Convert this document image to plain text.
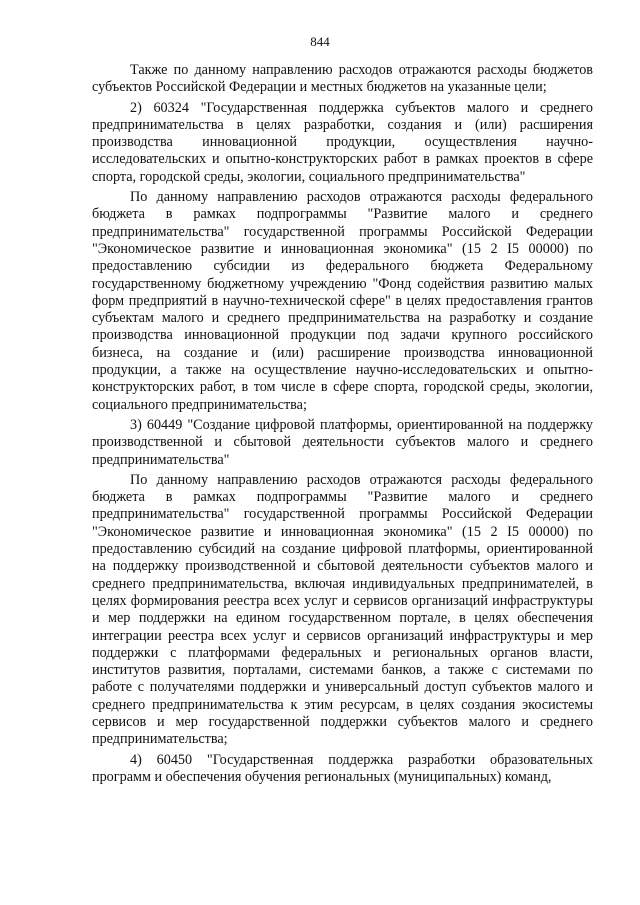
844

Также по данному направлению расходов отражаются расходы бюджетов субъектов Российской Федерации и местных бюджетов на указанные цели;

2) 60324 "Государственная поддержка субъектов малого и среднего предпринимательства в целях разработки, создания и (или) расширения производства инновационной продукции, осуществления научно-исследовательских и опытно-конструкторских работ в рамках проектов в сфере спорта, городской среды, экологии, социального предпринимательства"

По данному направлению расходов отражаются расходы федерального бюджета в рамках подпрограммы "Развитие малого и среднего предпринимательства" государственной программы Российской Федерации "Экономическое развитие и инновационная экономика" (15 2 I5 00000) по предоставлению субсидии из федерального бюджета Федеральному государственному бюджетному учреждению "Фонд содействия развитию малых форм предприятий в научно-технической сфере" в целях предоставления грантов субъектам малого и среднего предпринимательства на разработку и создание производства инновационной продукции под задачи крупного российского бизнеса, на создание и (или) расширение производства инновационной продукции, а также на осуществление научно-исследовательских и опытно-конструкторских работ, в том числе в сфере спорта, городской среды, экологии, социального предпринимательства;

3) 60449 "Создание цифровой платформы, ориентированной на поддержку производственной и сбытовой деятельности субъектов малого и среднего предпринимательства"

По данному направлению расходов отражаются расходы федерального бюджета в рамках подпрограммы "Развитие малого и среднего предпринимательства" государственной программы Российской Федерации "Экономическое развитие и инновационная экономика" (15 2 I5 00000) по предоставлению субсидий на создание цифровой платформы, ориентированной на поддержку производственной и сбытовой деятельности субъектов малого и среднего предпринимательства, включая индивидуальных предпринимателей, в целях формирования реестра всех услуг и сервисов организаций инфраструктуры и мер поддержки на едином государственном портале, в целях обеспечения интеграции реестра всех услуг и сервисов организаций инфраструктуры и мер поддержки с платформами федеральных и региональных органов власти, институтов развития, порталами, системами банков, а также с системами по работе с получателями поддержки и универсальный доступ субъектов малого и среднего предпринимательства к этим ресурсам, в целях создания экосистемы сервисов и мер государственной поддержки субъектов малого и среднего предпринимательства;

4) 60450 "Государственная поддержка разработки образовательных программ и обеспечения обучения региональных (муниципальных) команд,
